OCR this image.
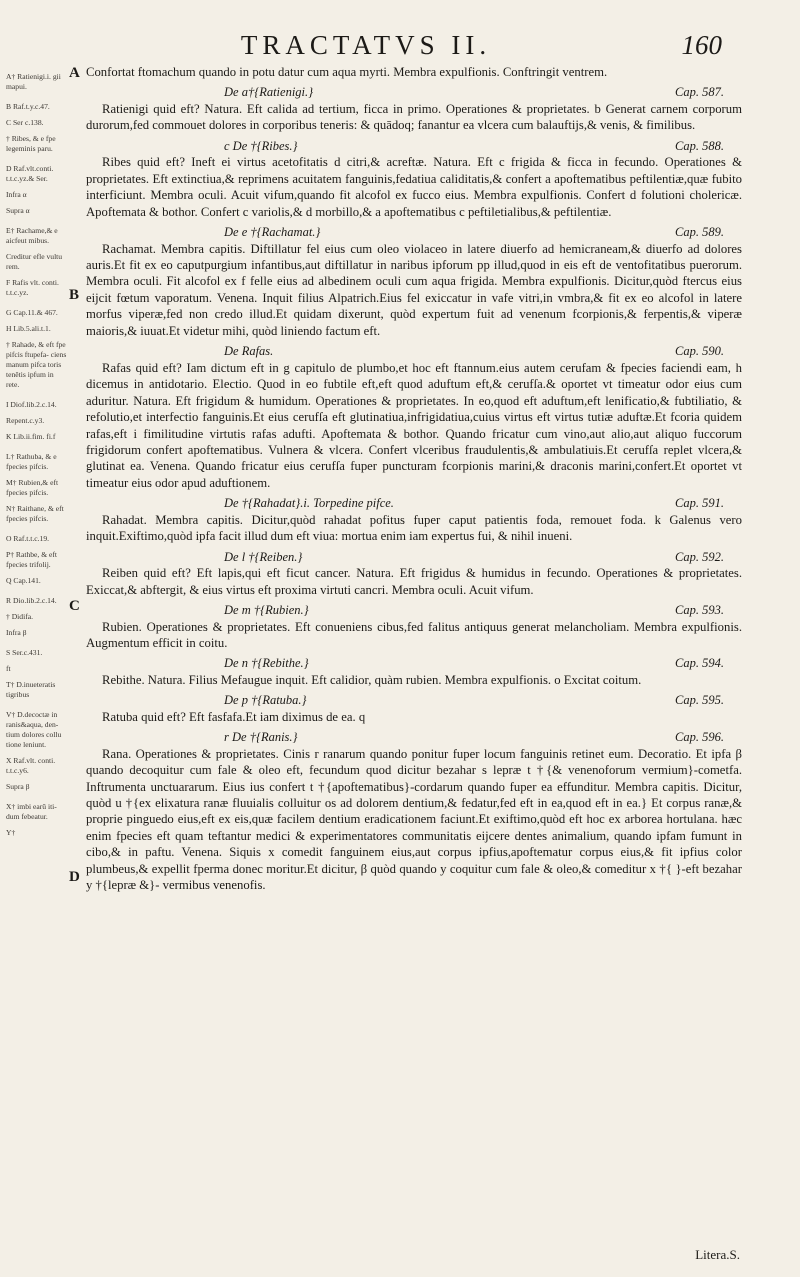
TRACTATVS II.	160

A† Ratienigi.i. gii mapui.

B Raf.t.y.c.47.

C Ser c.138.

† Ribes, & e fpe legeminis paru.

D Raf.vlt.conti. t.t.c.yz.& Ser.

Infra α

Supra α

E† Rachame,& e aicfeut mibus.

Creditur efle vultu rem.

F Rafis vlt. conti. t.t.c.yz.

G Cap.11.& 467.

H Lib.5.ali.t.1.

† Rahade, & eft fpe pifcis ftupefa- ciens manum pifca toris tenêtis ipfum in rete.

I Diof.lib.2.c.14.

Repent.c.y3.

K Lib.ii.fim. fi.f

L† Rathuba, & e fpecies pifcis.

M† Rubien,& eft fpecies pifcis.

N† Raithane, & eft fpecies pifcis.

O Raf.t.t.c.19.

P† Rathbe, & eft fpecies trifolij.

Q Cap.141.

R Dio.lib.2.c.14.

† Didifa.

Infra β

S Ser.c.431.

ft

T† D.inueteratis tigribus

V† D.decoctæ in ranis&aqua, den- tium dolores collu tione leniunt.

X Raf.vlt. conti. t.t.c.y6.

Supra β

X† imbi earū iti- dum febeatur.

Y†

A
B
C
D

Confortat ftomachum quando in potu datur cum aqua myrti. Membra expulfionis. Conftringit ventrem.

De a†{Ratienigi.}	Cap. 587.

Ratienigi quid eft? Natura. Eft calida ad tertium, ficca in primo. Operationes & proprietates. b Generat carnem corporum durorum,fed commouet dolores in corporibus teneris: & quādoq; fanantur ea vlcera cum balauftijs,& venis, & fimilibus.

c De †{Ribes.}	Cap. 588.

Ribes quid eft? Ineft ei virtus acetofitatis d citri,& acreftæ. Natura. Eft c frigida & ficca in fecundo. Operationes & proprietates. Eft extinctiua,& reprimens acuitatem fanguinis,fedatiua caliditatis,& confert a apoftematibus peftilentiæ,quæ fubito interficiunt. Membra oculi. Acuit vifum,quando fit alcofol ex fucco eius. Membra expulfionis. Confert d folutioni cholericæ. Apoftemata & bothor. Confert c variolis,& d morbillo,& a apoftematibus c peftiletialibus,& peftilentiæ.

De e †{Rachamat.}	Cap. 589.

Rachamat. Membra capitis. Diftillatur fel eius cum oleo violaceo in latere diuerfo ad hemicraneam,& diuerfo ad dolores auris.Et fit ex eo caputpurgium infantibus,aut diftillatur in naribus ipforum pp illud,quod in eis eft de ventofitatibus puerorum. Membra oculi. Fit alcofol ex f felle eius ad albedinem oculi cum aqua frigida. Membra expulfionis. Dicitur,quòd ftercus eius eijcit fœtum vaporatum. Venena. Inquit filius Alpatrich.Eius fel exiccatur in vafe vitri,in vmbra,& fit ex eo alcofol in latere morfus viperæ,fed non credo illud.Et quidam dixerunt, quòd expertum fuit ad venenum fcorpionis,& ferpentis,& viperæ maioris,& iuuat.Et videtur mihi, quòd liniendo factum eft.

De Rafas.	Cap. 590.

Rafas quid eft? Iam dictum eft in g capitulo de plumbo,et hoc eft ftannum.eius autem cerufam & fpecies faciendi eam, h dicemus in antidotario. Electio. Quod in eo fubtile eft,eft quod aduftum eft,& cerufſa.& oportet vt timeatur odor eius cum aduritur. Natura. Eft frigidum & humidum. Operationes & proprietates. In eo,quod eft aduftum,eft lenificatio,& fubtiliatio, & refolutio,et interfectio fanguinis.Et eius cerufſa eft glutinatiua,infrigidatiua,cuius virtus eft virtus tutiæ aduftæ.Et fcoria quidem rafas,eft i fimilitudine virtutis rafas adufti. Apoftemata & bothor. Quando fricatur cum vino,aut alio,aut aliquo fuccorum frigidorum confert apoftematibus. Vulnera & vlcera. Confert vlceribus fraudulentis,& ambulatiuis.Et cerufſa replet vlcera,& glutinat ea. Venena. Quando fricatur eius cerufſa fuper puncturam fcorpionis marini,& draconis marini,confert.Et oportet vt timeatur eius odor apud aduftionem.

De †{Rahadat}.i. Torpedine pifce.	Cap. 591.

Rahadat. Membra capitis. Dicitur,quòd rahadat pofitus fuper caput patientis foda, remouet foda. k Galenus vero inquit.Exiftimo,quòd ipfa facit illud dum eft viua: mortua enim iam expertus fui, & nihil inueni.

De l †{Reiben.}	Cap. 592.

Reiben quid eft? Eft lapis,qui eft ficut cancer. Natura. Eft frigidus & humidus in fecundo. Operationes & proprietates. Exiccat,& abftergit, & eius virtus eft proxima virtuti cancri. Membra oculi. Acuit vifum.

De m †{Rubien.}	Cap. 593.

Rubien. Operationes & proprietates. Eft conueniens cibus,fed falitus antiquus generat melancholiam. Membra expulfionis. Augmentum efficit in coitu.

De n †{Rebithe.}	Cap. 594.

Rebithe. Natura. Filius Mefaugue inquit. Eft calidior, quàm rubien. Membra expulfionis. o Excitat coitum.

De p †{Ratuba.}	Cap. 595.

Ratuba quid eft? Eft fasfafa.Et iam diximus de ea. q

r De †{Ranis.}	Cap. 596.

Rana. Operationes & proprietates. Cinis r ranarum quando ponitur fuper locum fanguinis retinet eum. Decoratio. Et ipfa β quando decoquitur cum fale & oleo eft, fecundum quod dicitur bezahar s lepræ t †{& venenoforum vermium}-cometfa. Inftrumenta unctuararum. Eius ius confert t †{apoftematibus}-cordarum quando fuper ea effunditur. Membra capitis. Dicitur, quòd u †{ex elixatura ranæ fluuialis colluitur os ad dolorem dentium,& fedatur,fed eft in ea,quod eft in ea.} Et corpus ranæ,& proprie pinguedo eius,eft ex eis,quæ facilem dentium eradicationem faciunt.Et exiftimo,quòd eft hoc ex arborea hortulana. hæc enim fpecies eft quam teftantur medici & experimentatores communitatis eijcere dentes animalium, quando ipfam fumunt in cibo,& in paftu. Venena. Siquis x comedit fanguinem eius,aut corpus ipfius,apoftematur corpus eius,& fit ipfius color plumbeus,& expellit fperma donec moritur.Et dicitur, β quòd quando y coquitur cum fale & oleo,& comeditur x †{ }-eft bezahar y †{lepræ &}- vermibus venenofis.

Litera.S.
